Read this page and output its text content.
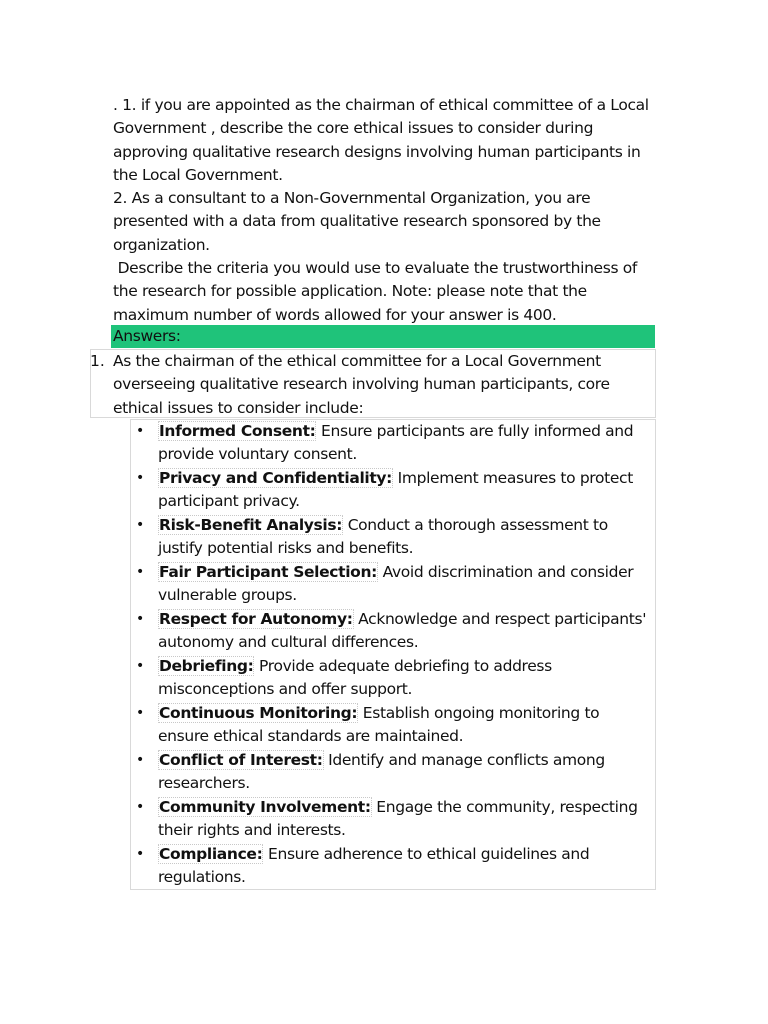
. 1. if you are appointed as the chairman of ethical committee of a Local Government , describe the core ethical issues to consider during approving qualitative research designs involving human participants in the Local Government.

2. As a consultant to a Non-Governmental Organization, you are presented with a data from qualitative research sponsored by the organization.

Describe the criteria you would use to evaluate the trustworthiness of the research for possible application. Note: please note that the maximum number of words allowed for your answer is 400.

Answers:
1. As the chairman of the ethical committee for a Local Government overseeing qualitative research involving human participants, core ethical issues to consider include:
• Informed Consent: Ensure participants are fully informed and provide voluntary consent.
• Privacy and Confidentiality: Implement measures to protect participant privacy.
• Risk-Benefit Analysis: Conduct a thorough assessment to justify potential risks and benefits.
• Fair Participant Selection: Avoid discrimination and consider vulnerable groups.
• Respect for Autonomy: Acknowledge and respect participants' autonomy and cultural differences.
• Debriefing: Provide adequate debriefing to address misconceptions and offer support.
• Continuous Monitoring: Establish ongoing monitoring to ensure ethical standards are maintained.
• Conflict of Interest: Identify and manage conflicts among researchers.
• Community Involvement: Engage the community, respecting their rights and interests.
• Compliance: Ensure adherence to ethical guidelines and regulations.
